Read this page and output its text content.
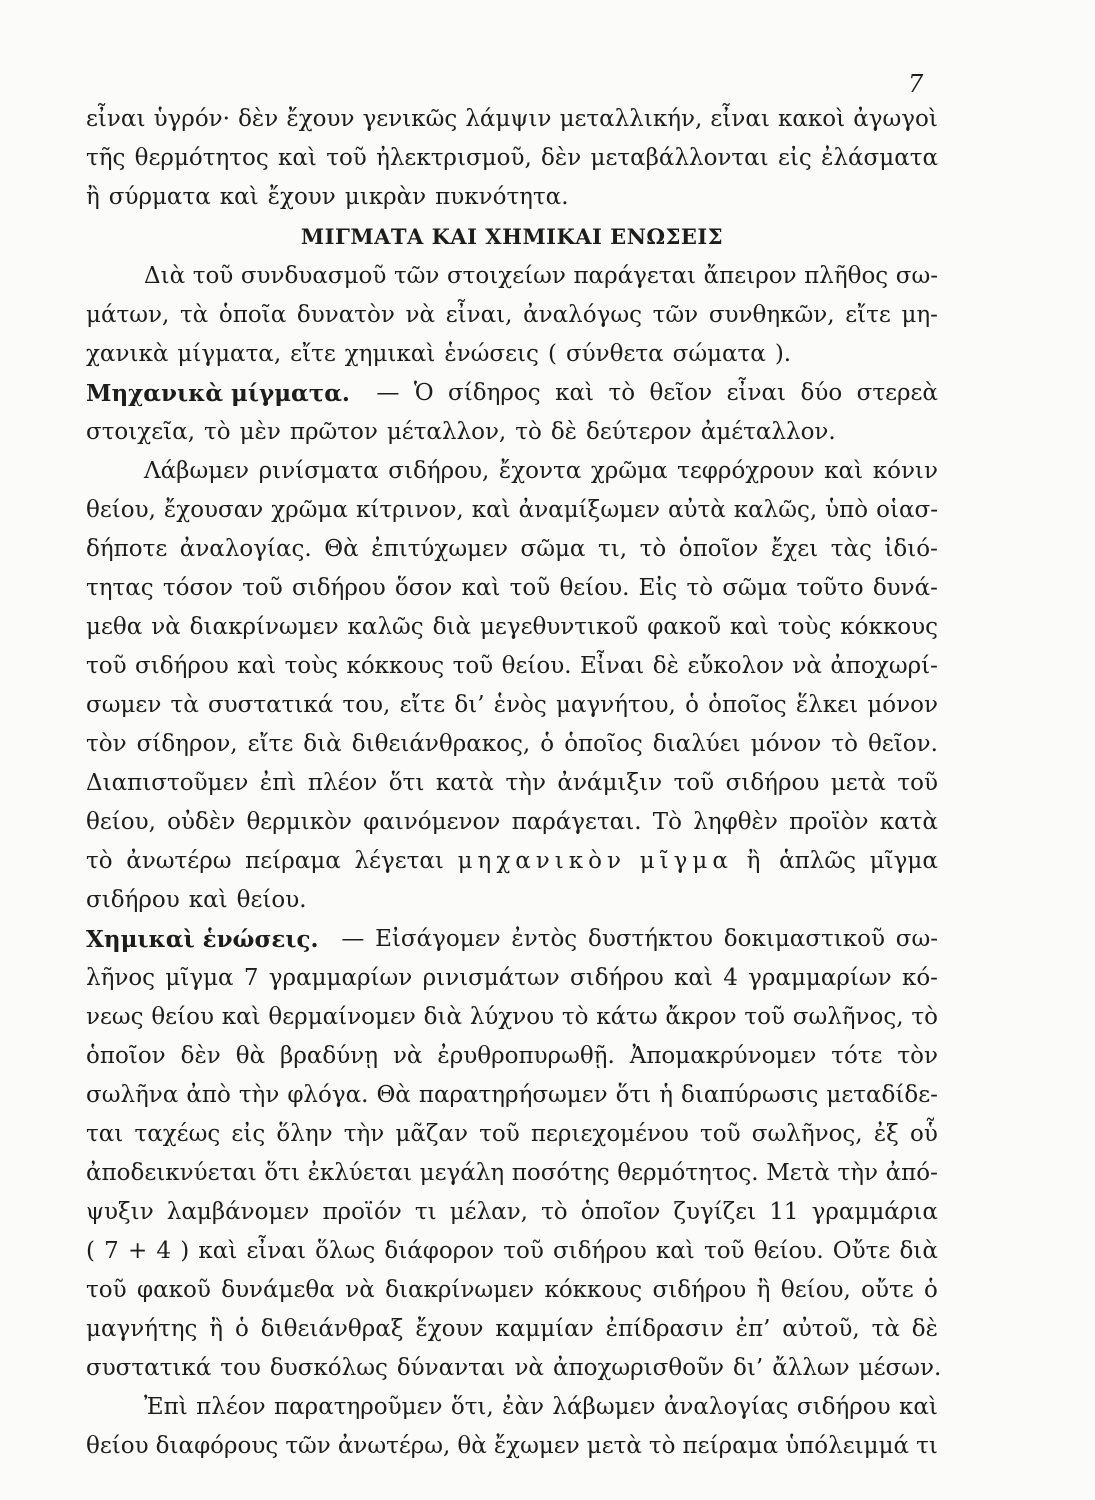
7
εἶναι ὑγρόν· δὲν ἔχουν γενικῶς λάμψιν μεταλλικήν, εἶναι κακοὶ ἀγωγοὶ
τῆς θερμότητος καὶ τοῦ ἠλεκτρισμοῦ, δὲν μεταβάλλονται εἰς ἐλάσματα
ἢ σύρματα καὶ ἔχουν μικρὰν πυκνότητα.
ΜΙΓΜΑΤΑ ΚΑΙ ΧΗΜΙΚΑΙ ΕΝΩΣΕΙΣ
Διὰ τοῦ συνδυασμοῦ τῶν στοιχείων παράγεται ἄπειρον πλῆθος σω-
μάτων, τὰ ὁποῖα δυνατὸν νὰ εἶναι, ἀναλόγως τῶν συνθηκῶν, εἴτε μη-
χανικὰ μίγματα, εἴτε χημικαὶ ἑνώσεις ( σύνθετα σώματα ).
Μηχανικὰ μίγματα. — Ὁ σίδηρος καὶ τὸ θεῖον εἶναι δύο στερεὰ
στοιχεῖα, τὸ μὲν πρῶτον μέταλλον, τὸ δὲ δεύτερον ἀμέταλλον.
Λάβωμεν ρινίσματα σιδήρου, ἔχοντα χρῶμα τεφρόχρουν καὶ κόνιν
θείου, ἔχουσαν χρῶμα κίτρινον, καὶ ἀναμίξωμεν αὐτὰ καλῶς, ὑπὸ οἱασ-
δήποτε ἀναλογίας. Θὰ ἐπιτύχωμεν σῶμα τι, τὸ ὁποῖον ἔχει τὰς ἰδιό-
τητας τόσον τοῦ σιδήρου ὅσον καὶ τοῦ θείου. Εἰς τὸ σῶμα τοῦτο δυνά-
μεθα νὰ διακρίνωμεν καλῶς διὰ μεγεθυντικοῦ φακοῦ καὶ τοὺς κόκκους
τοῦ σιδήρου καὶ τοὺς κόκκους τοῦ θείου. Εἶναι δὲ εὔκολον νὰ ἀποχωρί-
σωμεν τὰ συστατικά του, εἴτε δι’ ἑνὸς μαγνήτου, ὁ ὁποῖος ἕλκει μόνον
τὸν σίδηρον, εἴτε διὰ διθειάνθρακος, ὁ ὁποῖος διαλύει μόνον τὸ θεῖον.
Διαπιστοῦμεν ἐπὶ πλέον ὅτι κατὰ τὴν ἀνάμιξιν τοῦ σιδήρου μετὰ τοῦ
θείου, οὐδὲν θερμικὸν φαινόμενον παράγεται. Τὸ ληφθὲν προϊὸν κατὰ
τὸ ἀνωτέρω πείραμα λέγεται μηχανικὸν μῖγμα ἢ ἁπλῶς μῖγμα
σιδήρου καὶ θείου.
Χημικαὶ ἑνώσεις. — Εἰσάγομεν ἐντὸς δυστήκτου δοκιμαστικοῦ σω-
λῆνος μῖγμα 7 γραμμαρίων ρινισμάτων σιδήρου καὶ 4 γραμμαρίων κό-
νεως θείου καὶ θερμαίνομεν διὰ λύχνου τὸ κάτω ἄκρον τοῦ σωλῆνος, τὸ
ὁποῖον δὲν θὰ βραδύνῃ νὰ ἐρυθροπυρωθῇ. Ἀπομακρύνομεν τότε τὸν
σωλῆνα ἀπὸ τὴν φλόγα. Θὰ παρατηρήσωμεν ὅτι ἡ διαπύρωσις μεταδίδε-
ται ταχέως εἰς ὅλην τὴν μᾶζαν τοῦ περιεχομένου τοῦ σωλῆνος, ἐξ οὗ
ἀποδεικνύεται ὅτι ἐκλύεται μεγάλη ποσότης θερμότητος. Μετὰ τὴν ἀπό-
ψυξιν λαμβάνομεν προϊόν τι μέλαν, τὸ ὁποῖον ζυγίζει 11 γραμμάρια
( 7 + 4 ) καὶ εἶναι ὅλως διάφορον τοῦ σιδήρου καὶ τοῦ θείου. Οὔτε διὰ
τοῦ φακοῦ δυνάμεθα νὰ διακρίνωμεν κόκκους σιδήρου ἢ θείου, οὔτε ὁ
μαγνήτης ἢ ὁ διθειάνθραξ ἔχουν καμμίαν ἐπίδρασιν ἐπ’ αὐτοῦ, τὰ δὲ
συστατικά του δυσκόλως δύνανται νὰ ἀποχωρισθοῦν δι’ ἄλλων μέσων.
Ἐπὶ πλέον παρατηροῦμεν ὅτι, ἐὰν λάβωμεν ἀναλογίας σιδήρου καὶ
θείου διαφόρους τῶν ἀνωτέρω, θὰ ἔχωμεν μετὰ τὸ πείραμα ὑπόλειμμά τι
